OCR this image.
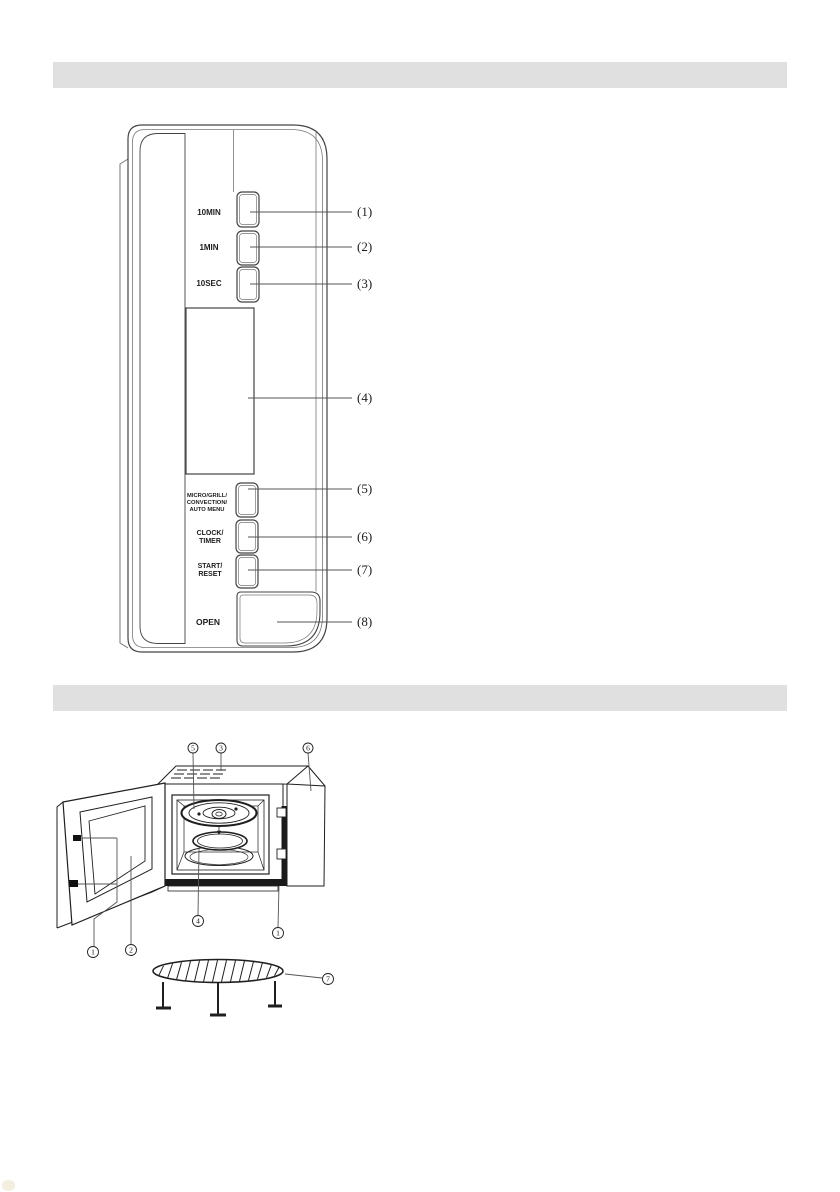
10MIN
1MIN
10SEC
MICRO/GRILL/
CONVECTION/
AUTO MENU
CLOCK/
TIMER
START/
RESET
OPEN
(1)
(2)
(3)
(4)
(5)
(6)
(7)
(8)
5	3	6
1	2
4
1
7
